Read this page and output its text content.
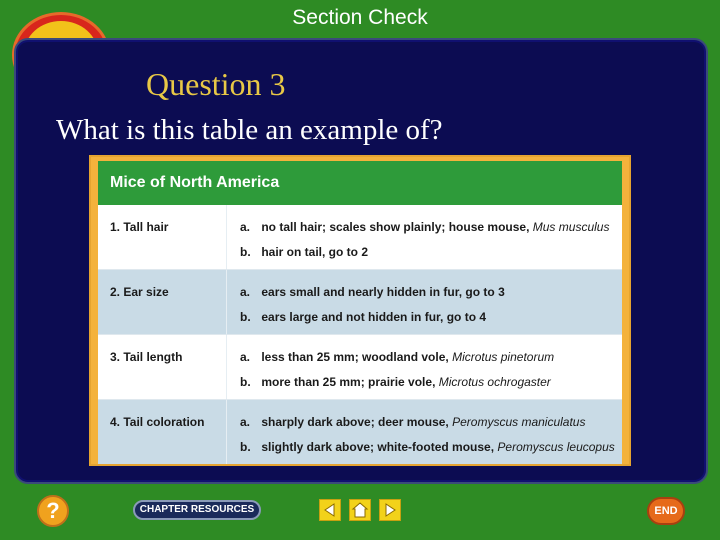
Section Check
Question 3
What is this table an example of?
Mice of North America
1. Tall hair	a. no tall hair; scales show plainly; house mouse, Mus musculus
b. hair on tail, go to 2
2. Ear size	a. ears small and nearly hidden in fur, go to 3
b. ears large and not hidden in fur, go to 4
3. Tail length	a. less than 25 mm; woodland vole, Microtus pinetorum
b. more than 25 mm; prairie vole, Microtus ochrogaster
4. Tail coloration	a. sharply dark above; deer mouse, Peromyscus maniculatus
b. slightly dark above; white-footed mouse, Peromyscus leucopus
?	CHAPTER RESOURCES	END
